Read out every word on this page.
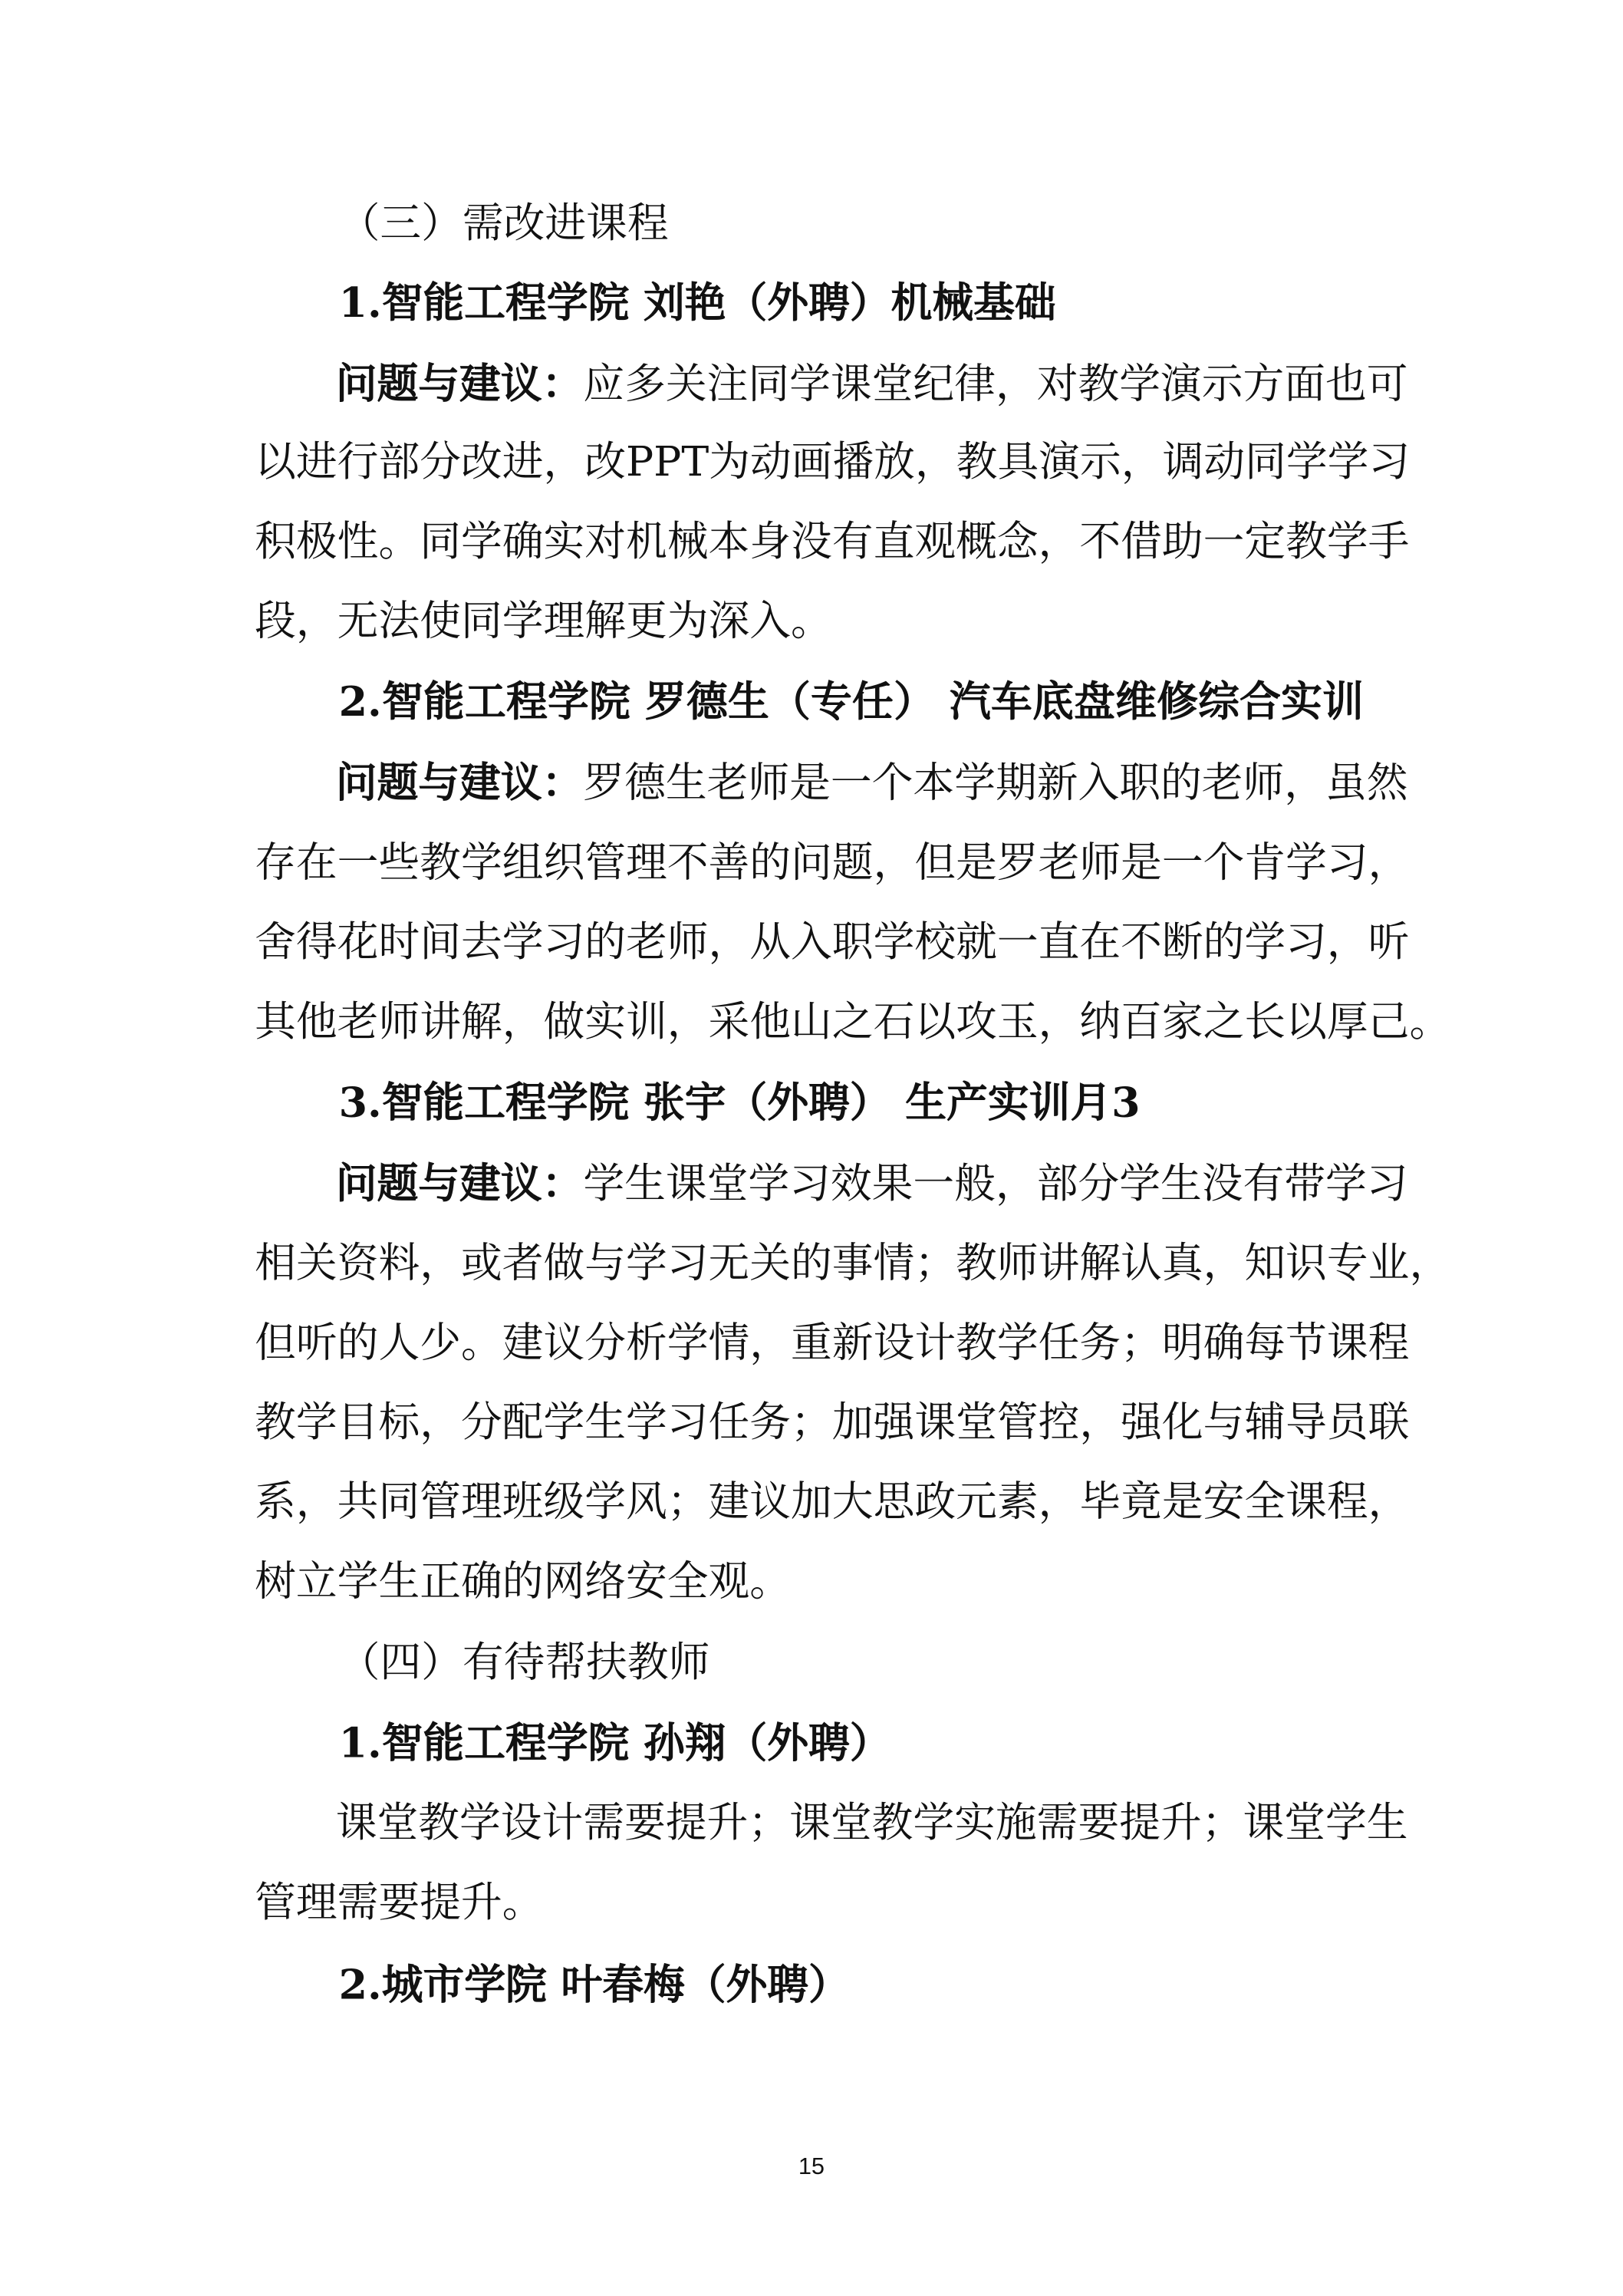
（三）需改进课程

1.智能工程学院 刘艳（外聘）机械基础

问题与建议：应多关注同学课堂纪律，对教学演示方面也可

以进行部分改进，改PPT为动画播放，教具演示，调动同学学习

积极性。同学确实对机械本身没有直观概念，不借助一定教学手

段，无法使同学理解更为深入。

2.智能工程学院 罗德生（专任） 汽车底盘维修综合实训

问题与建议：罗德生老师是一个本学期新入职的老师，虽然

存在一些教学组织管理不善的问题，但是罗老师是一个肯学习，

舍得花时间去学习的老师，从入职学校就一直在不断的学习，听

其他老师讲解，做实训，采他山之石以攻玉，纳百家之长以厚己。

3.智能工程学院 张宇（外聘） 生产实训月3

问题与建议：学生课堂学习效果一般，部分学生没有带学习

相关资料，或者做与学习无关的事情；教师讲解认真，知识专业，

但听的人少。建议分析学情，重新设计教学任务；明确每节课程

教学目标，分配学生学习任务；加强课堂管控，强化与辅导员联

系，共同管理班级学风；建议加大思政元素，毕竟是安全课程，

树立学生正确的网络安全观。

（四）有待帮扶教师

1.智能工程学院 孙翔（外聘）

课堂教学设计需要提升；课堂教学实施需要提升；课堂学生

管理需要提升。

2.城市学院 叶春梅（外聘）

15
